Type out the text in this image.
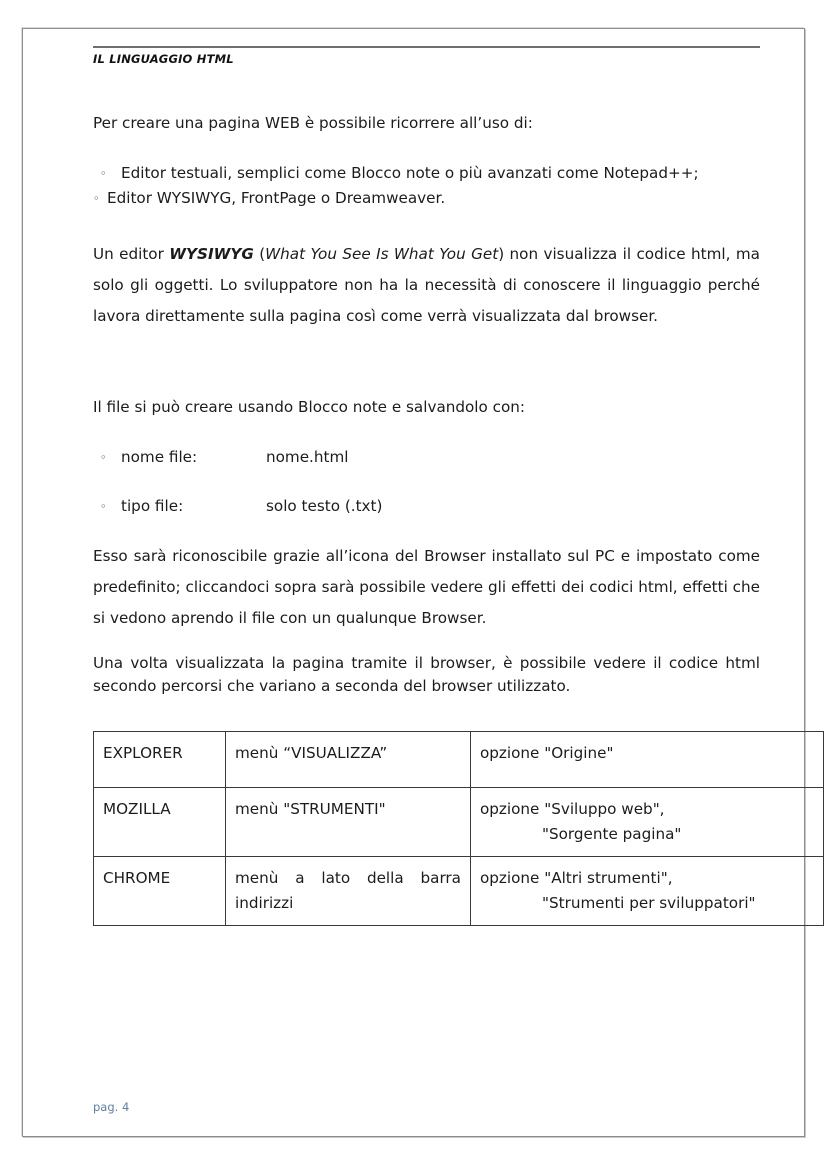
IL LINGUAGGIO HTML

Per creare una pagina WEB è possibile ricorrere all’uso di:

◦ Editor testuali, semplici come Blocco note o più avanzati come Notepad++;
◦ Editor WYSIWYG, FrontPage o Dreamweaver.

Un editor WYSIWYG (What You See Is What You Get) non visualizza il codice html, ma solo gli oggetti. Lo sviluppatore non ha la necessità di conoscere il linguaggio perché lavora direttamente sulla pagina così come verrà visualizzata dal browser.

Il file si può creare usando Blocco note e salvandolo con:

◦ nome file:	nome.html
◦ tipo file:	solo testo (.txt)

Esso sarà riconoscibile grazie all’icona del Browser installato sul PC e impostato come predefinito; cliccandoci sopra sarà possibile vedere gli effetti dei codici html, effetti che si vedono aprendo il file con un qualunque Browser.

Una volta visualizzata la pagina tramite il browser, è possibile vedere il codice html secondo percorsi che variano a seconda del browser utilizzato.

EXPLORER	menù “VISUALIZZA”	opzione "Origine"

MOZILLA	menù "STRUMENTI"	opzione "Sviluppo web",
"Sorgente pagina"

CHROME	menù a lato della barra indirizzi	opzione "Altri strumenti",
"Strumenti per sviluppatori"
pag. 4
